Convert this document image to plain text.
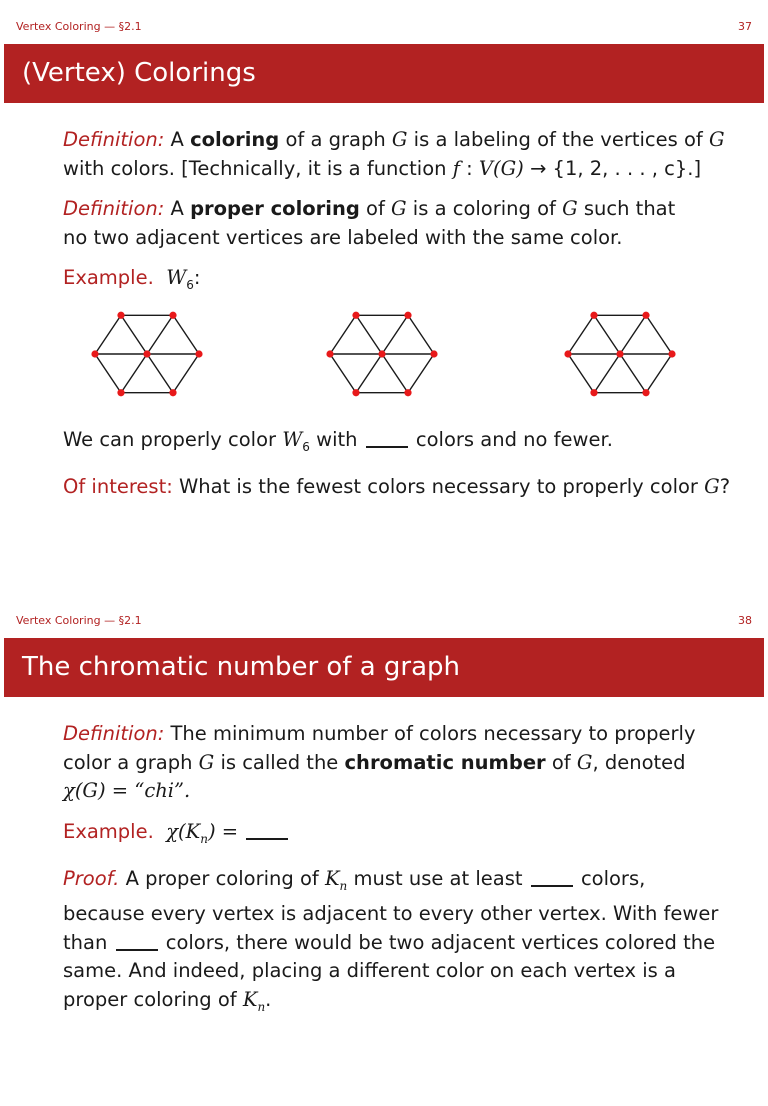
Vertex Coloring — §2.1	37
(Vertex) Colorings

Definition: A coloring of a graph G is a labeling of the vertices of G
with colors. [Technically, it is a function f : V(G) → {1, 2, . . . , c}.]

Definition: A proper coloring of G is a coloring of G such that
no two adjacent vertices are labeled with the same color.

Example. $W_6$:

We can properly color $W_6$ with	colors and no fewer.

Of interest: What is the fewest colors necessary to properly color G?

Vertex Coloring — §2.1	38
The chromatic number of a graph

Definition: The minimum number of colors necessary to properly
color a graph G is called the chromatic number of G, denoted
χ(G) = “chi”.

Example. $\chi(K_n)$ =

Proof. A proper coloring of $K_n$ must use at least	colors,
because every vertex is adjacent to every other vertex. With fewer
than	colors, there would be two adjacent vertices colored the
same. And indeed, placing a different color on each vertex is a
proper coloring of $K_n$.
